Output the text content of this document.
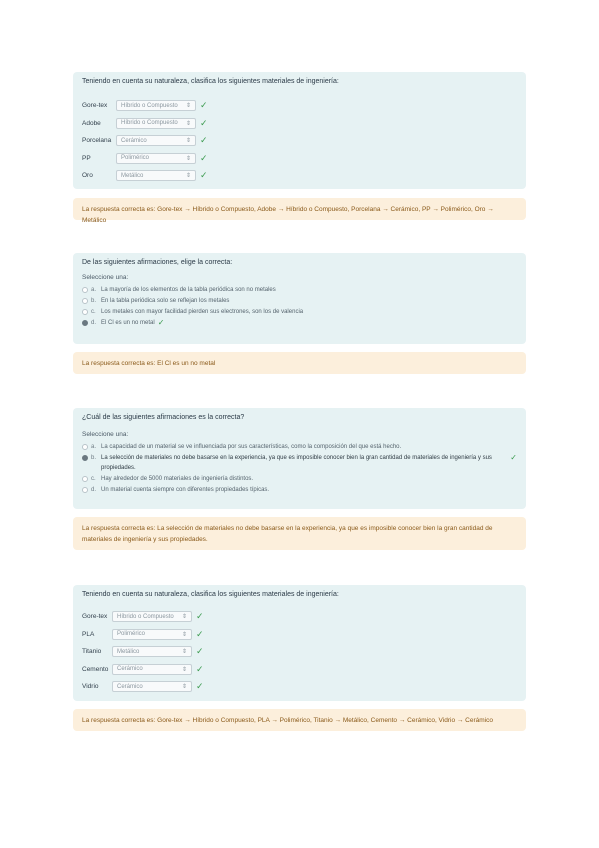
Teniendo en cuenta su naturaleza, clasifica los siguientes materiales de ingeniería:
Gore-tex	Híbrido o Compuesto ⇕ ✓
Adobe	Híbrido o Compuesto ⇕ ✓
Porcelana	Cerámico	⇕ ✓
PP	Polimérico	⇕ ✓
Oro	Metálico	⇕ ✓
La respuesta correcta es: Gore-tex → Híbrido o Compuesto, Adobe → Híbrido o Compuesto, Porcelana → Cerámico, PP → Polimérico, Oro → Metálico
De las siguientes afirmaciones, elige la correcta:
Seleccione una:
a. La mayoría de los elementos de la tabla periódica son no metales
b. En la tabla periódica solo se reflejan los metales
c. Los metales con mayor facilidad pierden sus electrones, son los de valencia
d. El Cl es un no metal ✓
La respuesta correcta es: El Cl es un no metal
¿Cuál de las siguientes afirmaciones es la correcta?
Seleccione una:
a. La capacidad de un material se ve influenciada por sus características, como la composición del que está hecho.
b. La selección de materiales no debe basarse en la experiencia, ya que es imposible conocer bien la gran cantidad de materiales de ingeniería y sus propiedades.
✓
c. Hay alrededor de 5000 materiales de ingeniería distintos.
d. Un material cuenta siempre con diferentes propiedades típicas.
La respuesta correcta es: La selección de materiales no debe basarse en la experiencia, ya que es imposible conocer bien la gran cantidad de materiales de ingeniería y sus propiedades.
Teniendo en cuenta su naturaleza, clasifica los siguientes materiales de ingeniería:
Gore-tex	Híbrido o Compuesto ⇕ ✓
PLA	Polimérico	⇕ ✓
Titanio	Metálico	⇕ ✓
Cemento	Cerámico	⇕ ✓
Vidrio	Cerámico	⇕ ✓
La respuesta correcta es: Gore-tex → Híbrido o Compuesto, PLA → Polimérico, Titanio → Metálico, Cemento → Cerámico, Vidrio → Cerámico
